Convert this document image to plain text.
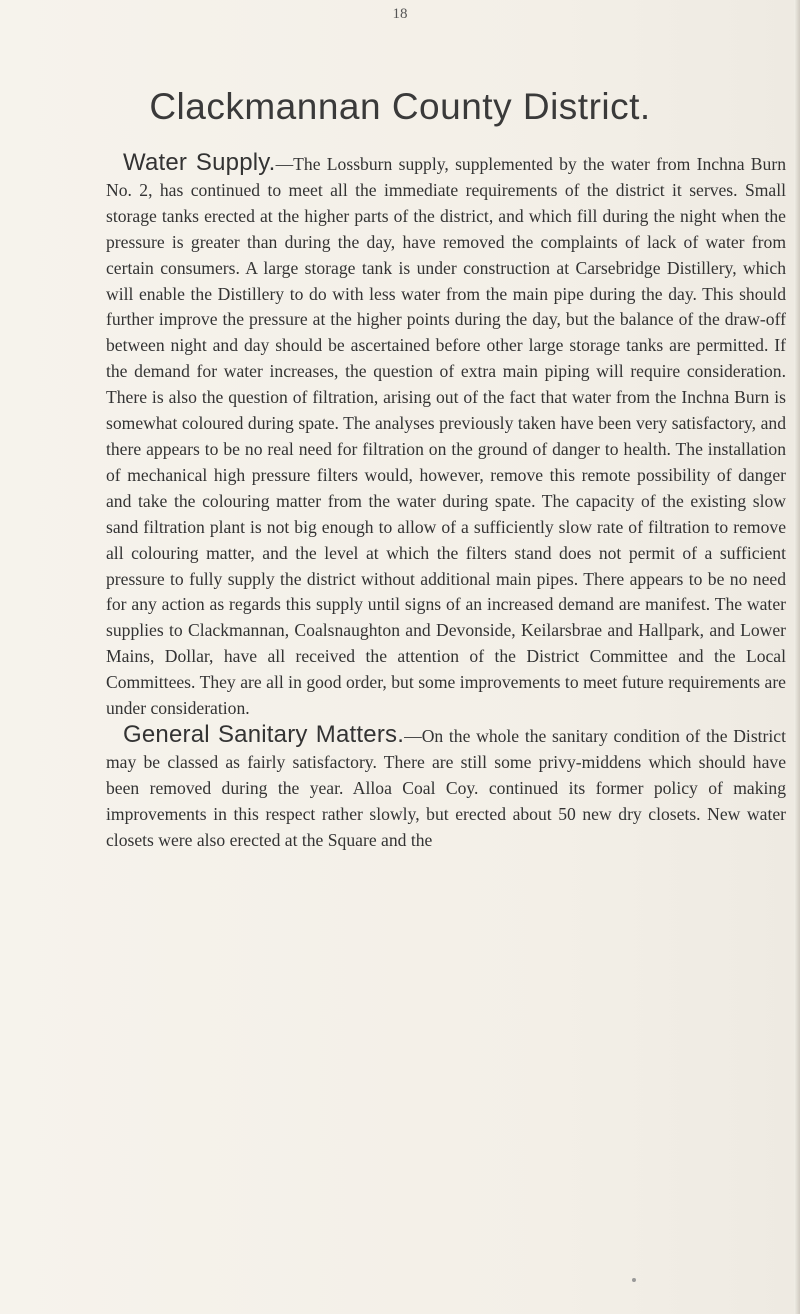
18
Clackmannan County District.

Water Supply.—The Lossburn supply, supplemented by the water from Inchna Burn No. 2, has continued to meet all the immediate requirements of the district it serves. Small storage tanks erected at the higher parts of the district, and which fill during the night when the pressure is greater than during the day, have removed the complaints of lack of water from certain consumers. A large storage tank is under construction at Carsebridge Distillery, which will enable the Distillery to do with less water from the main pipe during the day. This should further improve the pressure at the higher points during the day, but the balance of the draw-off between night and day should be ascertained before other large storage tanks are permitted. If the demand for water increases, the question of extra main piping will require consideration. There is also the question of filtration, arising out of the fact that water from the Inchna Burn is somewhat coloured during spate. The analyses previously taken have been very satisfactory, and there appears to be no real need for filtration on the ground of danger to health. The installation of mechanical high pressure filters would, however, remove this remote possibility of danger and take the colouring matter from the water during spate. The capacity of the existing slow sand filtration plant is not big enough to allow of a sufficiently slow rate of filtration to remove all colouring matter, and the level at which the filters stand does not permit of a sufficient pressure to fully supply the district without additional main pipes. There appears to be no need for any action as regards this supply until signs of an increased demand are manifest. The water supplies to Clackmannan, Coalsnaughton and Devonside, Keilarsbrae and Hallpark, and Lower Mains, Dollar, have all received the attention of the District Committee and the Local Committees. They are all in good order, but some improvements to meet future requirements are under consideration.

General Sanitary Matters.—On the whole the sanitary condition of the District may be classed as fairly satisfactory. There are still some privy-middens which should have been removed during the year. Alloa Coal Coy. continued its former policy of making improvements in this respect rather slowly, but erected about 50 new dry closets. New water closets were also erected at the Square and the
